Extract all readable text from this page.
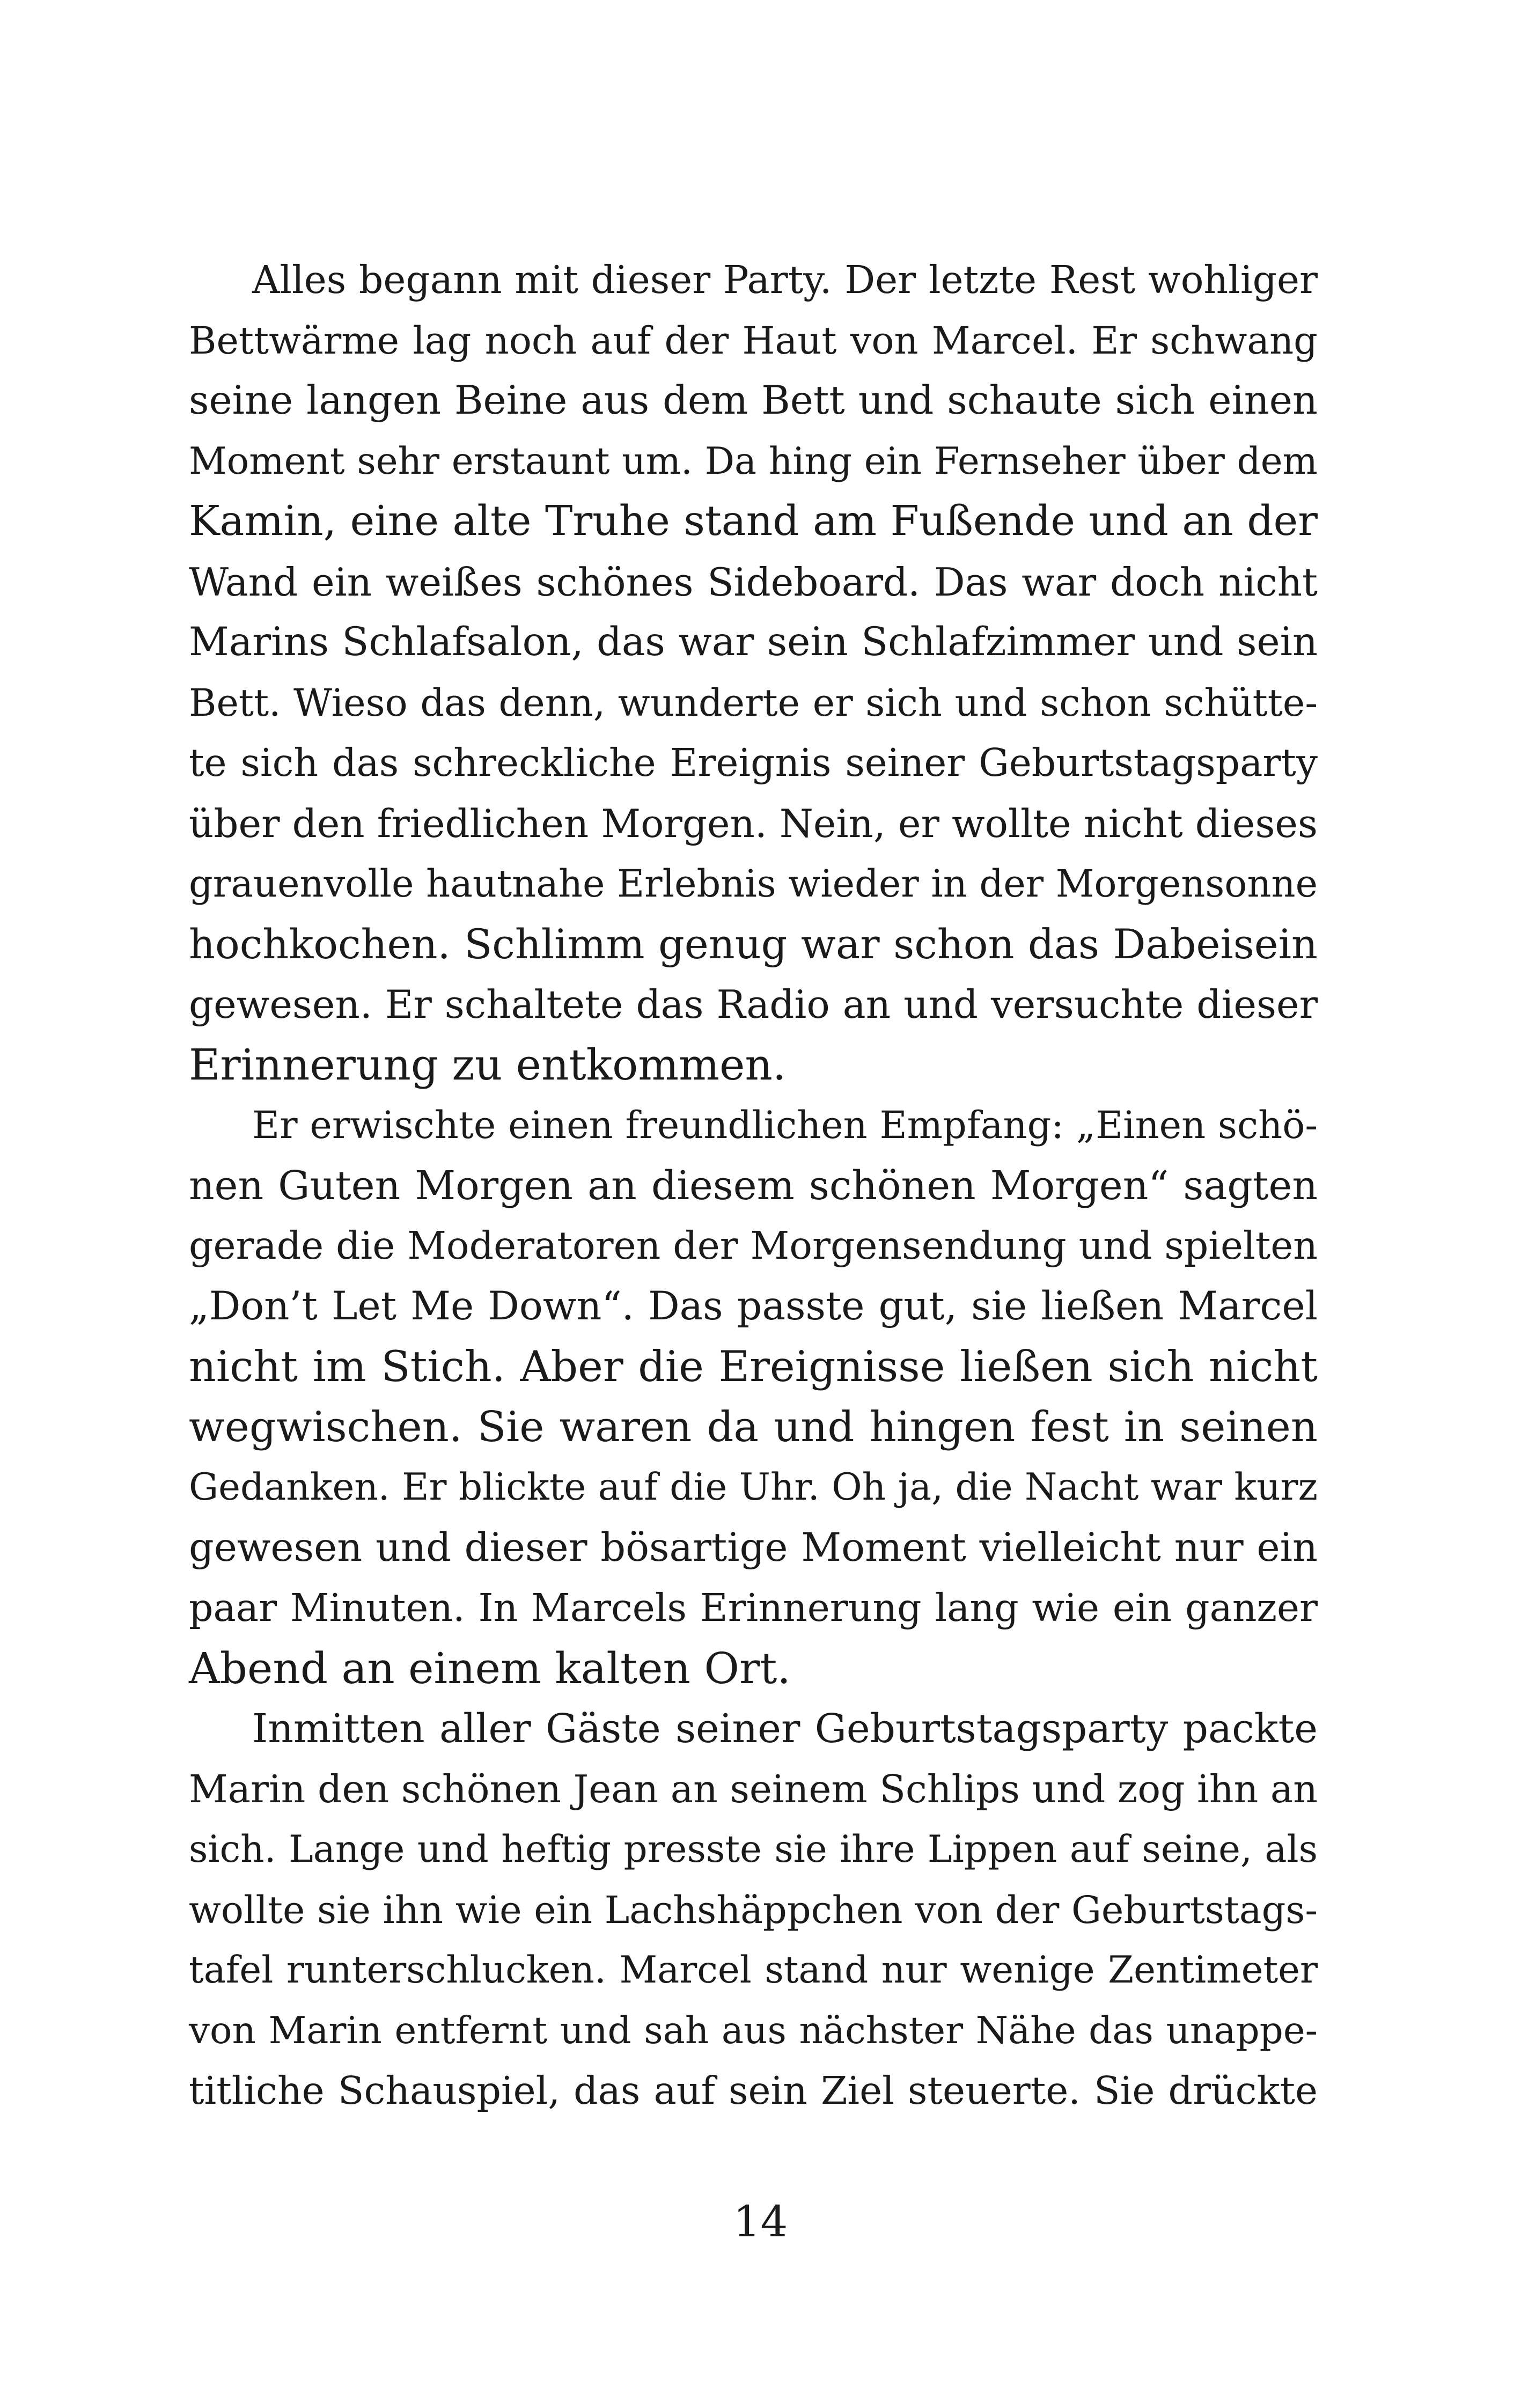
Alles begann mit dieser Party. Der letzte Rest wohliger
Bettwärme lag noch auf der Haut von Marcel. Er schwang
seine langen Beine aus dem Bett und schaute sich einen
Moment sehr erstaunt um. Da hing ein Fernseher über dem
Kamin, eine alte Truhe stand am Fußende und an der
Wand ein weißes schönes Sideboard. Das war doch nicht
Marins Schlafsalon, das war sein Schlafzimmer und sein
Bett. Wieso das denn, wunderte er sich und schon schütte-
te sich das schreckliche Ereignis seiner Geburtstagsparty
über den friedlichen Morgen. Nein, er wollte nicht dieses
grauenvolle hautnahe Erlebnis wieder in der Morgensonne
hochkochen. Schlimm genug war schon das Dabeisein
gewesen. Er schaltete das Radio an und versuchte dieser
Erinnerung zu entkommen.
Er erwischte einen freundlichen Empfang: „Einen schö-
nen Guten Morgen an diesem schönen Morgen“ sagten
gerade die Moderatoren der Morgensendung und spielten
„Don’t Let Me Down“. Das passte gut, sie ließen Marcel
nicht im Stich. Aber die Ereignisse ließen sich nicht
wegwischen. Sie waren da und hingen fest in seinen
Gedanken. Er blickte auf die Uhr. Oh ja, die Nacht war kurz
gewesen und dieser bösartige Moment vielleicht nur ein
paar Minuten. In Marcels Erinnerung lang wie ein ganzer
Abend an einem kalten Ort.
Inmitten aller Gäste seiner Geburtstagsparty packte
Marin den schönen Jean an seinem Schlips und zog ihn an
sich. Lange und heftig presste sie ihre Lippen auf seine, als
wollte sie ihn wie ein Lachshäppchen von der Geburtstags-
tafel runterschlucken. Marcel stand nur wenige Zentimeter
von Marin entfernt und sah aus nächster Nähe das unappe-
titliche Schauspiel, das auf sein Ziel steuerte. Sie drückte
14
